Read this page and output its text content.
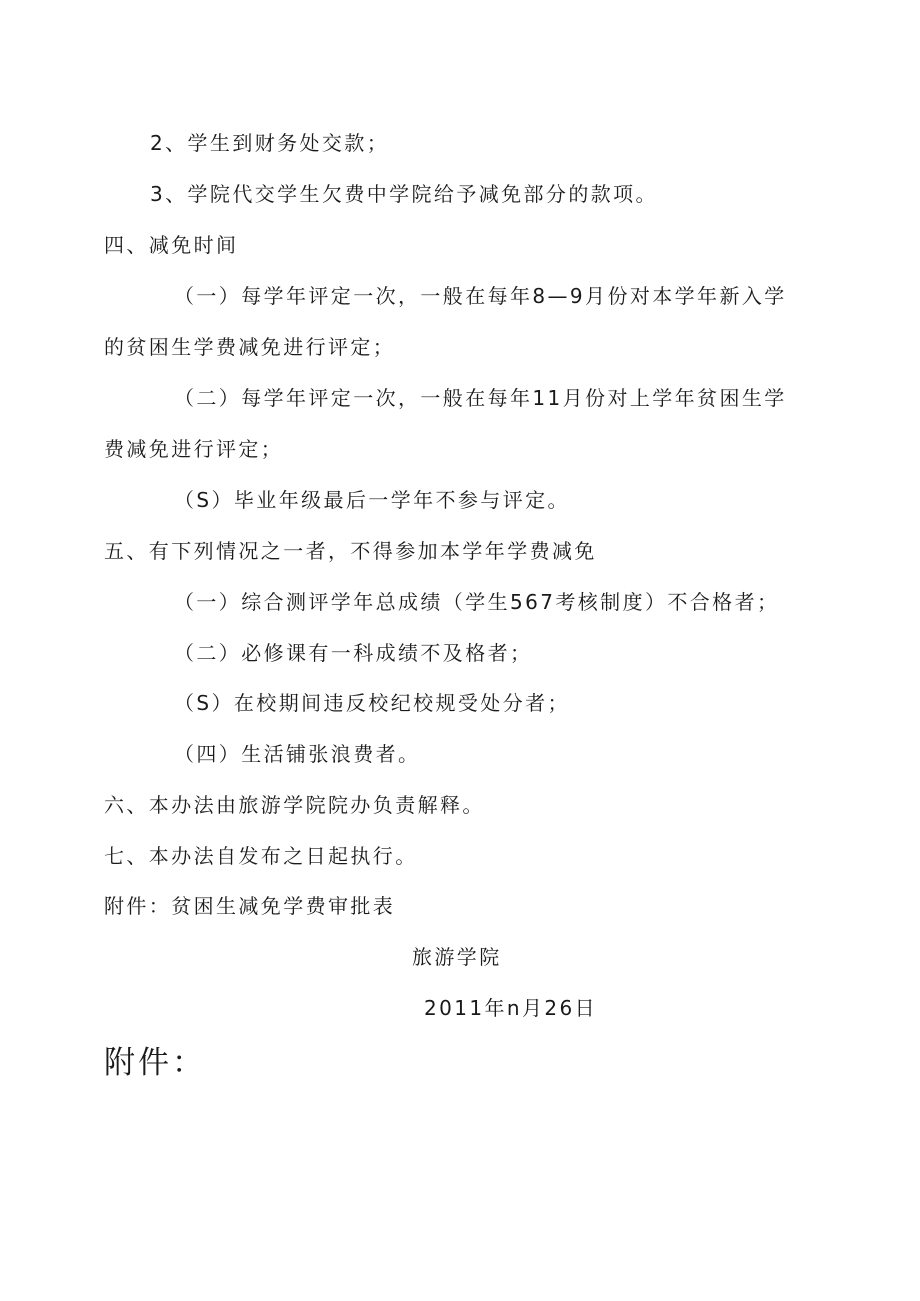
2、学生到财务处交款；
3、学院代交学生欠费中学院给予减免部分的款项。
四、减免时间
（一）每学年评定一次，一般在每年8—9月份对本学年新入学
的贫困生学费减免进行评定；
（二）每学年评定一次，一般在每年11月份对上学年贫困生学
费减免进行评定；
（S）毕业年级最后一学年不参与评定。
五、有下列情况之一者，不得参加本学年学费减免
（一）综合测评学年总成绩（学生567考核制度）不合格者；
（二）必修课有一科成绩不及格者；
（S）在校期间违反校纪校规受处分者；
（四）生活铺张浪费者。
六、本办法由旅游学院院办负责解释。
七、本办法自发布之日起执行。
附件：贫困生减免学费审批表
旅游学院
2011年n月26日
附件：
